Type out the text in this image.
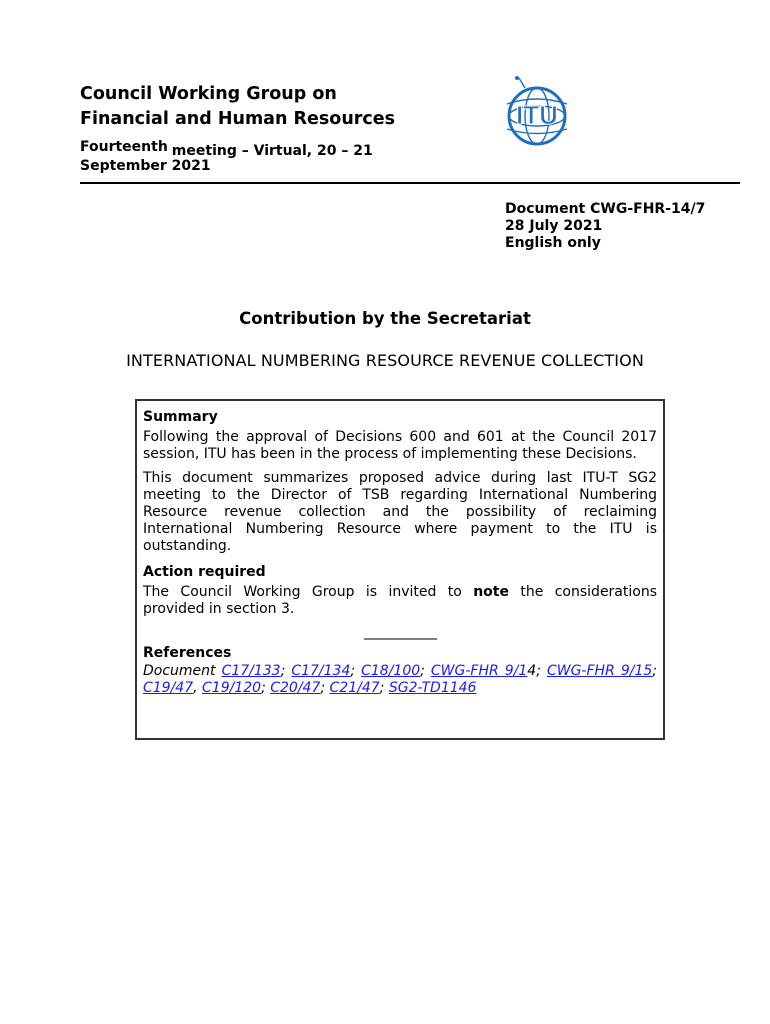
Council Working Group on
Financial and Human Resources
Fourteenth meeting – Virtual, 20 – 21
September 2021
ITU
Document CWG-FHR-14/7
28 July 2021
English only
Contribution by the Secretariat
INTERNATIONAL NUMBERING RESOURCE REVENUE COLLECTION
Summary

Following the approval of Decisions 600 and 601 at the Council 2017 session, ITU has been in the process of implementing these Decisions.

This document summarizes proposed advice during last ITU-T SG2 meeting to the Director of TSB regarding International Numbering Resource revenue collection and the possibility of reclaiming International Numbering Resource where payment to the ITU is outstanding.

Action required

The Council Working Group is invited to note the considerations provided in section 3.

____________
References

Document C17/133; C17/134; C18/100; CWG-FHR 9/14; CWG-FHR 9/15; C19/47, C19/120; C20/47; C21/47; SG2-TD1146
